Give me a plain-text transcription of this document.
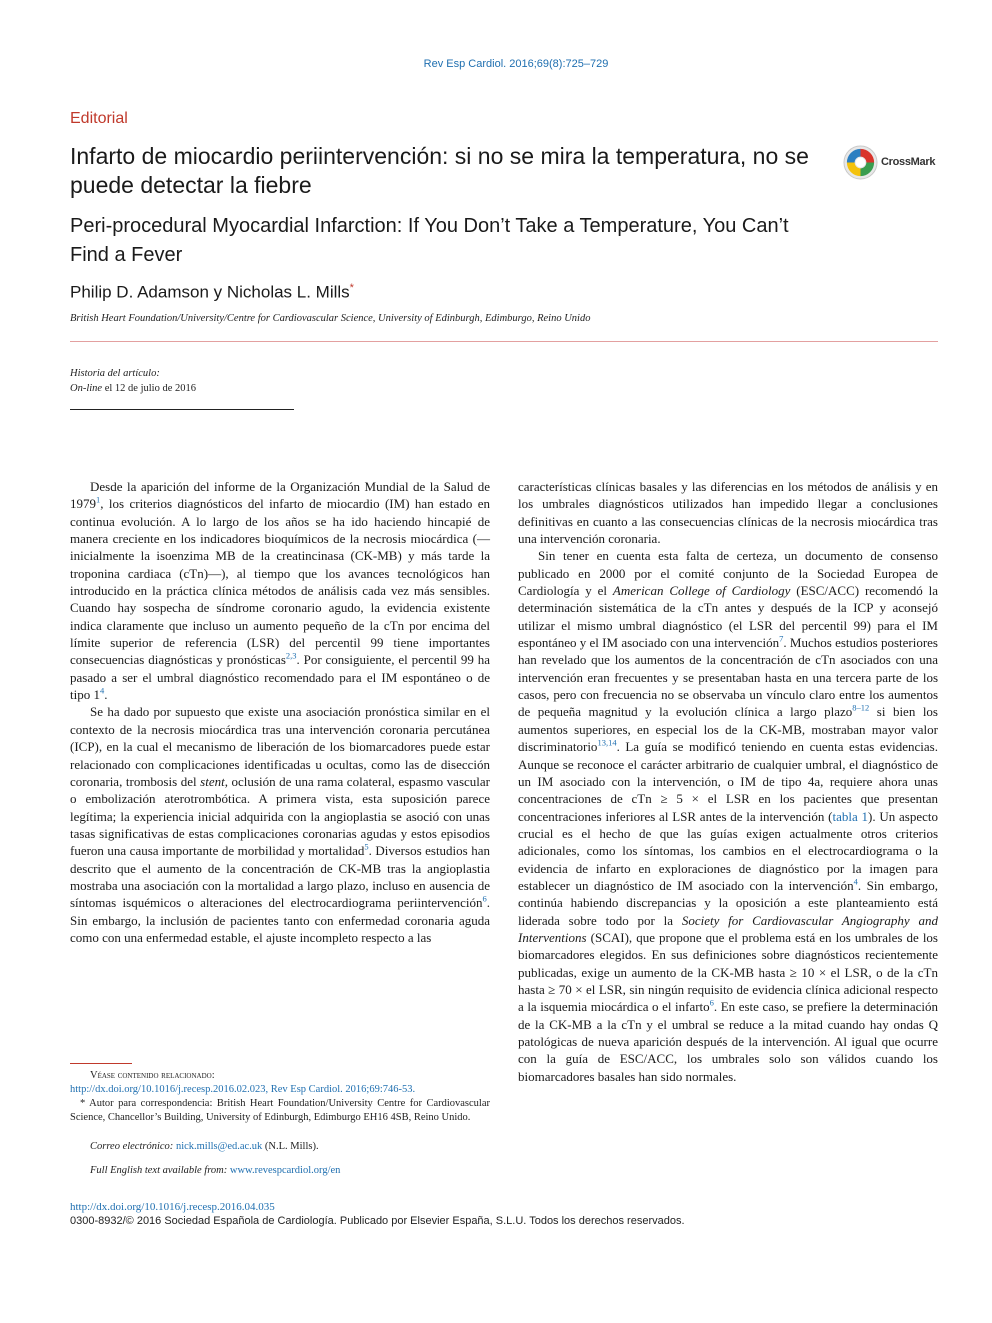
Rev Esp Cardiol. 2016;69(8):725–729
Editorial
Infarto de miocardio periintervención: si no se mira la temperatura, no se puede detectar la fiebre
CrossMark
Peri-procedural Myocardial Infarction: If You Don’t Take a Temperature, You Can’t Find a Fever
Philip D. Adamson y Nicholas L. Mills*
British Heart Foundation/University/Centre for Cardiovascular Science, University of Edinburgh, Edimburgo, Reino Unido
Historia del artículo:
On-line el 12 de julio de 2016

Desde la aparición del informe de la Organización Mundial de la Salud de 1979$^1$, los criterios diagnósticos del infarto de miocardio (IM) han estado en continua evolución. A lo largo de los años se ha ido haciendo hincapié de manera creciente en los indicadores bioquímicos de la necrosis miocárdica (—inicialmente la isoenzima MB de la creatincinasa (CK-MB) y más tarde la troponina cardiaca (cTn)—), al tiempo que los avances tecnológicos han introducido en la práctica clínica métodos de análisis cada vez más sensibles. Cuando hay sospecha de síndrome coronario agudo, la evidencia existente indica claramente que incluso un aumento pequeño de la cTn por encima del límite superior de referencia (LSR) del percentil 99 tiene importantes consecuencias diagnósticas y pronósticas$^{2,3}$. Por consiguiente, el percentil 99 ha pasado a ser el umbral diagnóstico recomendado para el IM espontáneo o de tipo $1^4$.

Se ha dado por supuesto que existe una asociación pronóstica similar en el contexto de la necrosis miocárdica tras una intervención coronaria percutánea (ICP), en la cual el mecanismo de liberación de los biomarcadores puede estar relacionado con complicaciones identificadas u ocultas, como las de disección coronaria, trombosis del stent, oclusión de una rama colateral, espasmo vascular o embolización aterotrombótica. A primera vista, esta suposición parece legítima; la experiencia inicial adquirida con la angioplastia se asoció con unas tasas significativas de estas complicaciones coronarias agudas y estos episodios fueron una causa importante de morbilidad y mortalidad$^5$. Diversos estudios han descrito que el aumento de la concentración de CK-MB tras la angioplastia mostraba una asociación con la mortalidad a largo plazo, incluso en ausencia de síntomas isquémicos o alteraciones del electrocardiograma periintervención$^6$. Sin embargo, la inclusión de pacientes tanto con enfermedad coronaria aguda como con una enfermedad estable, el ajuste incompleto respecto a las

características clínicas basales y las diferencias en los métodos de análisis y en los umbrales diagnósticos utilizados han impedido llegar a conclusiones definitivas en cuanto a las consecuencias clínicas de la necrosis miocárdica tras una intervención coronaria.

Sin tener en cuenta esta falta de certeza, un documento de consenso publicado en 2000 por el comité conjunto de la Sociedad Europea de Cardiología y el American College of Cardiology (ESC/ACC) recomendó la determinación sistemática de la cTn antes y después de la ICP y aconsejó utilizar el mismo umbral diagnóstico (el LSR del percentil 99) para el IM espontáneo y el IM asociado con una intervención$^7$. Muchos estudios posteriores han revelado que los aumentos de la concentración de cTn asociados con una intervención eran frecuentes y se presentaban hasta en una tercera parte de los casos, pero con frecuencia no se observaba un vínculo claro entre los aumentos de pequeña magnitud y la evolución clínica a largo plazo$^{8-12}$ si bien los aumentos superiores, en especial los de la CK-MB, mostraban mayor valor discriminatorio$^{13,14}$. La guía se modificó teniendo en cuenta estas evidencias. Aunque se reconoce el carácter arbitrario de cualquier umbral, el diagnóstico de un IM asociado con la intervención, o IM de tipo 4a, requiere ahora unas concentraciones de cTn ≥ 5 × el LSR en los pacientes que presentan concentraciones inferiores al LSR antes de la intervención (tabla 1). Un aspecto crucial es el hecho de que las guías exigen actualmente otros criterios adicionales, como los síntomas, los cambios en el electrocardiograma o la evidencia de infarto en exploraciones de diagnóstico por la imagen para establecer un diagnóstico de IM asociado con la intervención$^4$. Sin embargo, continúa habiendo discrepancias y la oposición a este planteamiento está liderada sobre todo por la Society for Cardiovascular Angiography and Interventions (SCAI), que propone que el problema está en los umbrales de los biomarcadores elegidos. En sus definiciones sobre diagnósticos recientemente publicadas, exige un aumento de la CK-MB hasta ≥ 10 × el LSR, o de la cTn hasta ≥ 70 × el LSR, sin ningún requisito de evidencia clínica adicional respecto a la isquemia miocárdica o el infarto$^6$. En este caso, se prefiere la determinación de la CK-MB a la cTn y el umbral se reduce a la mitad cuando hay ondas Q patológicas de nueva aparición después de la intervención. Al igual que ocurre con la guía de ESC/ACC, los umbrales solo son válidos cuando los biomarcadores basales han sido normales.

Véase contenido relacionado:
http://dx.doi.org/10.1016/j.recesp.2016.02.023, Rev Esp Cardiol. 2016;69:746-53.
* Autor para correspondencia: British Heart Foundation/University Centre for Cardiovascular Science, Chancellor’s Building, University of Edinburgh, Edimburgo EH16 4SB, Reino Unido.
Correo electrónico: nick.mills@ed.ac.uk (N.L. Mills).
Full English text available from: www.revespcardiol.org/en
http://dx.doi.org/10.1016/j.recesp.2016.04.035
0300-8932/© 2016 Sociedad Española de Cardiología. Publicado por Elsevier España, S.L.U. Todos los derechos reservados.
